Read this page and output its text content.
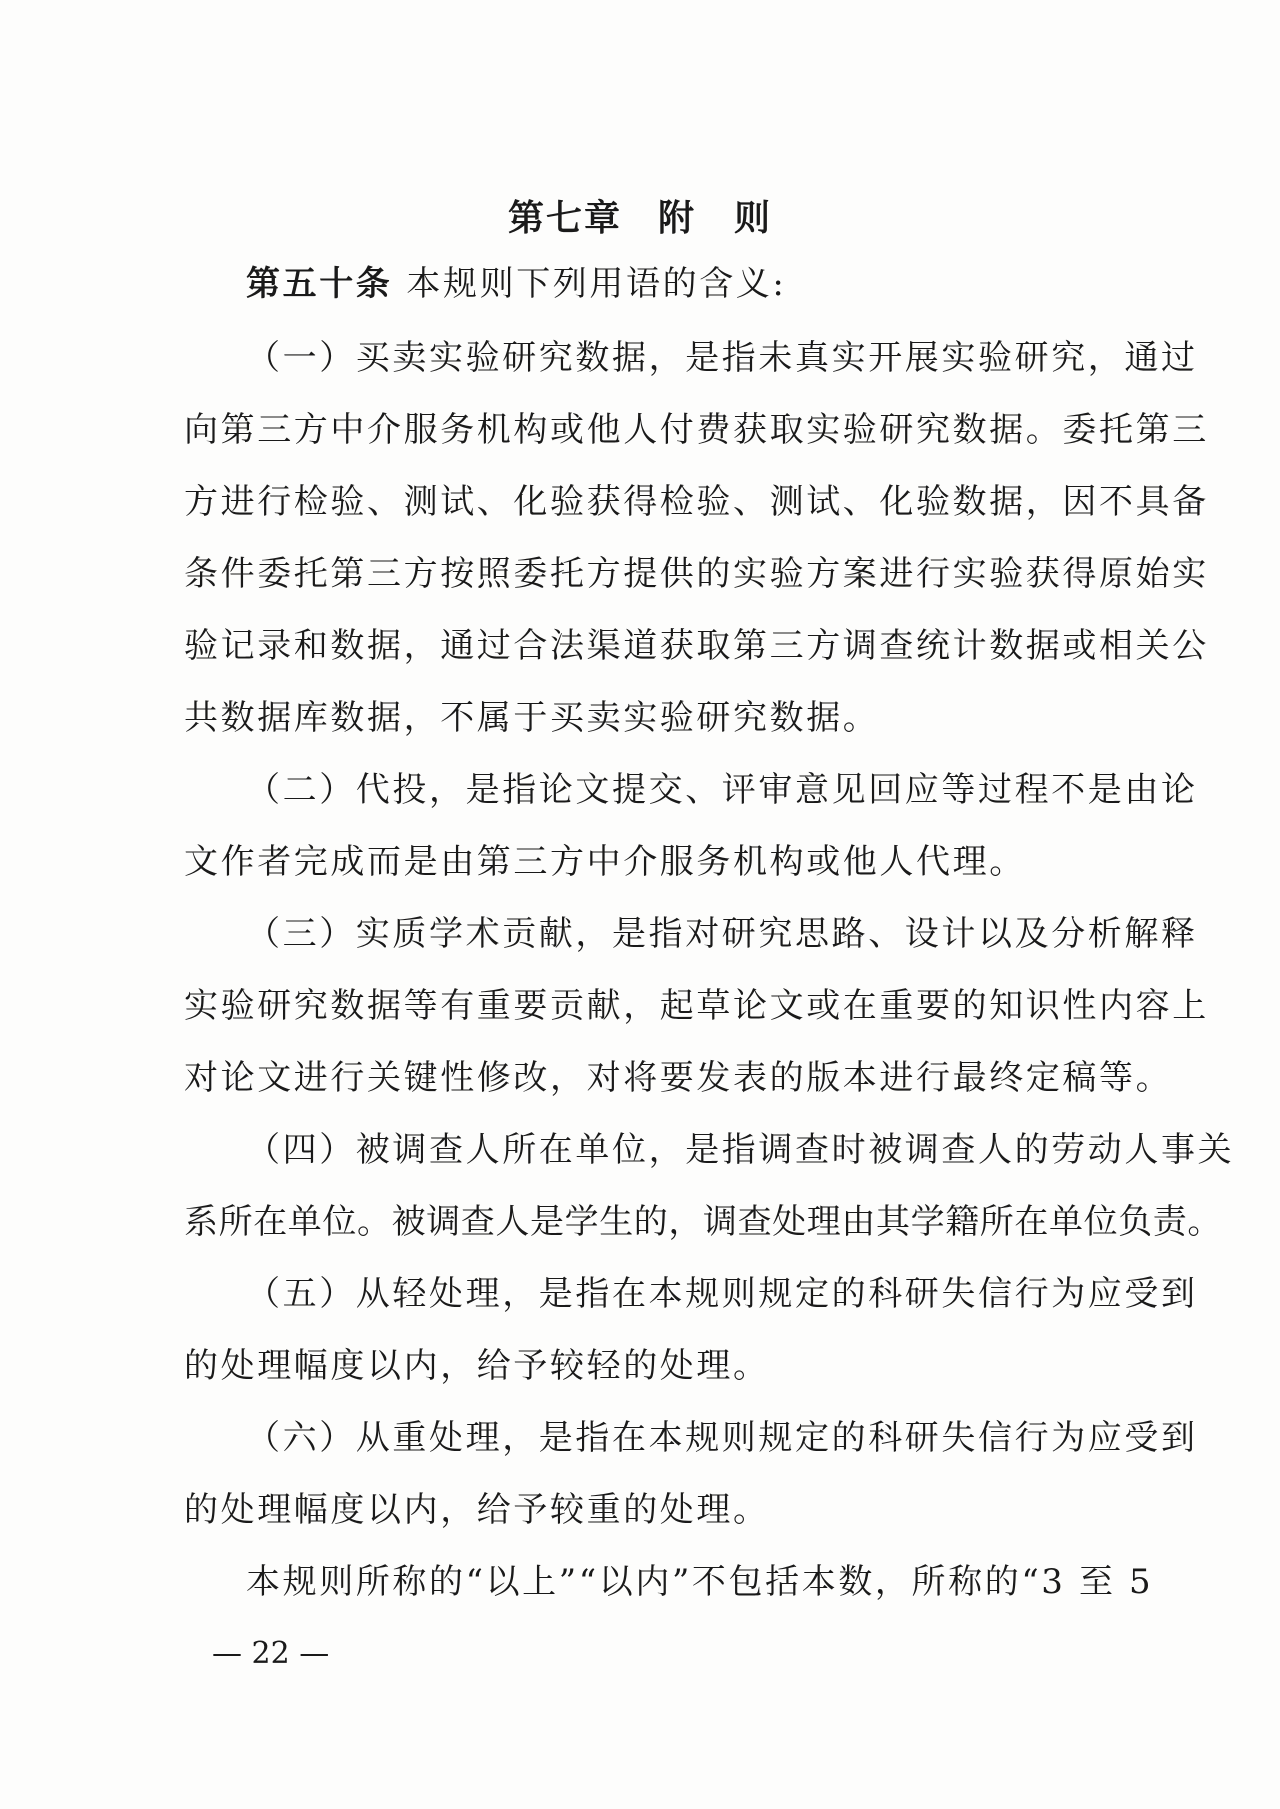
第七章 附　则

第五十条 本规则下列用语的含义:

（一）买卖实验研究数据，是指未真实开展实验研究，通过

向第三方中介服务机构或他人付费获取实验研究数据。委托第三

方进行检验、测试、化验获得检验、测试、化验数据，因不具备

条件委托第三方按照委托方提供的实验方案进行实验获得原始实

验记录和数据，通过合法渠道获取第三方调查统计数据或相关公

共数据库数据，不属于买卖实验研究数据。

（二）代投，是指论文提交、评审意见回应等过程不是由论

文作者完成而是由第三方中介服务机构或他人代理。

（三）实质学术贡献，是指对研究思路、设计以及分析解释

实验研究数据等有重要贡献，起草论文或在重要的知识性内容上

对论文进行关键性修改，对将要发表的版本进行最终定稿等。

（四）被调查人所在单位，是指调查时被调查人的劳动人事关

系所在单位。被调查人是学生的，调查处理由其学籍所在单位负责。

（五）从轻处理，是指在本规则规定的科研失信行为应受到

的处理幅度以内，给予较轻的处理。

（六）从重处理，是指在本规则规定的科研失信行为应受到

的处理幅度以内，给予较重的处理。

本规则所称的“以上”“以内”不包括本数，所称的“3 至 5

— 22 —
